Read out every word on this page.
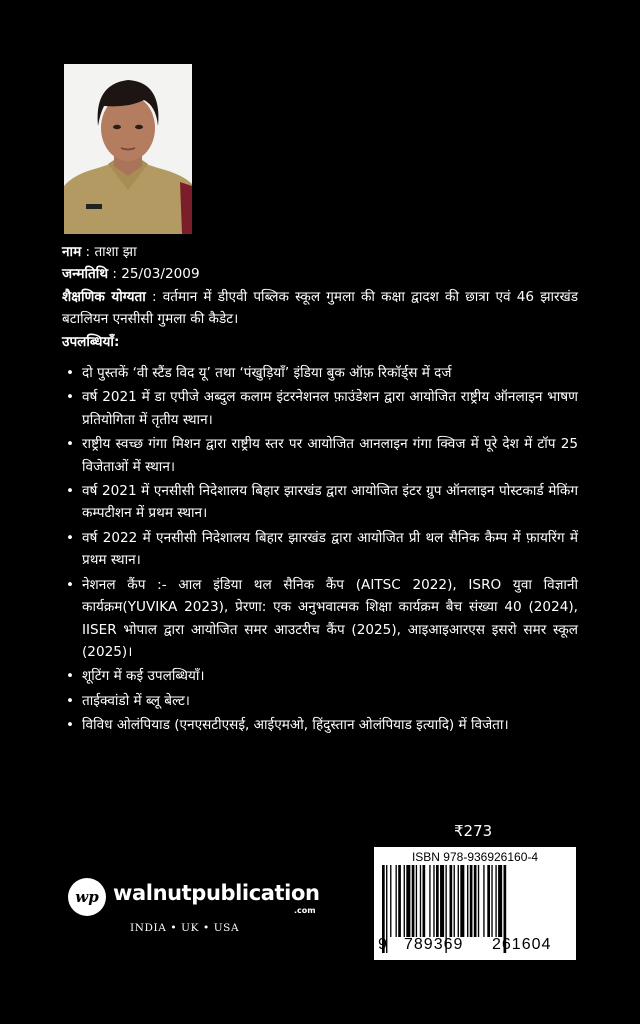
नाम : ताशा झा

जन्मतिथि : 25/03/2009

शैक्षणिक योग्यता : वर्तमान में डीएवी पब्लिक स्कूल गुमला की कक्षा द्वादश की छात्रा एवं 46 झारखंड बटालियन एनसीसी गुमला की कैडेट।

उपलब्धियाँ:

• दो पुस्तकें ‘वी स्टैंड विद यू’ तथा ‘पंखुड़ियाँ’ इंडिया बुक ऑफ़ रिकॉर्ड्स में दर्ज
• वर्ष 2021 में डा एपीजे अब्दुल कलाम इंटरनेशनल फ़ाउंडेशन द्वारा आयोजित राष्ट्रीय ऑनलाइन भाषण प्रतियोगिता में तृतीय स्थान।
• राष्ट्रीय स्वच्छ गंगा मिशन द्वारा राष्ट्रीय स्तर पर आयोजित आनलाइन गंगा क्विज में पूरे देश में टॉप 25 विजेताओं में स्थान।
• वर्ष 2021 में एनसीसी निदेशालय बिहार झारखंड द्वारा आयोजित इंटर ग्रुप ऑनलाइन पोस्टकार्ड मेकिंग कम्पटीशन में प्रथम स्थान।
• वर्ष 2022 में एनसीसी निदेशालय बिहार झारखंड द्वारा आयोजित प्री थल सैनिक कैम्प में फ़ायरिंग में प्रथम स्थान।
• नेशनल कैंप :- आल इंडिया थल सैनिक कैंप (AITSC 2022), ISRO युवा विज्ञानी कार्यक्रम(YUVIKA 2023), प्रेरणा: एक अनुभवात्मक शिक्षा कार्यक्रम बैच संख्या 40 (2024), IISER भोपाल द्वारा आयोजित समर आउटरीच कैंप (2025), आइआइआरएस इसरो समर स्कूल (2025)।
• शूटिंग में कई उपलब्धियाँ।
• ताईक्वांडो में ब्लू बेल्ट।
• विविध ओलंपियाड (एनएसटीएसई, आईएमओ, हिंदुस्तान ओलंपियाड इत्यादि) में विजेता।
₹273
ISBN 978-936926160-4
9 789369 261604
wp walnutpublication
.com
INDIA • UK • USA
